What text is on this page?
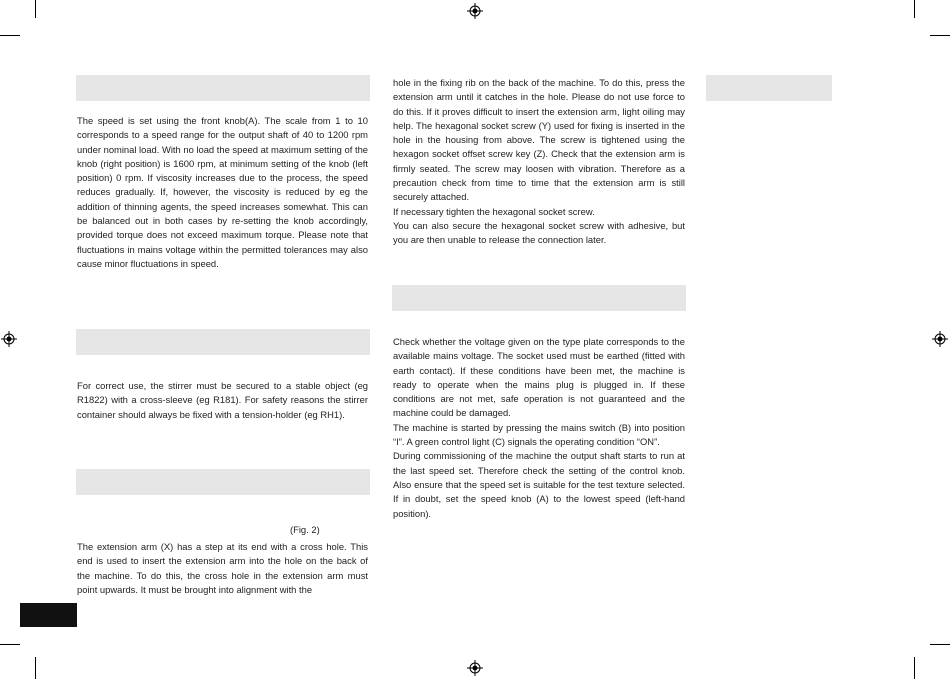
The speed is set using the front knob(A). The scale from 1 to 10 corresponds to a speed range for the output shaft of 40 to 1200 rpm under nominal load. With no load the speed at maximum setting of the knob (right position) is 1600 rpm, at minimum setting of the knob (left position) 0 rpm. If viscosity increases due to the process, the speed reduces gradually. If, however, the viscosity is reduced by eg the addition of thinning agents, the speed increases somewhat. This can be balanced out in both cases by re-setting the knob accordingly, provided torque does not exceed maximum torque. Please note that fluctuations in mains voltage within the permitted tolerances may also cause minor fluctuations in speed.
For correct use, the stirrer must be secured to a stable object (eg R1822) with a cross-sleeve (eg R181). For safety reasons the stirrer container should always be fixed with a tension-holder (eg RH1).
(Fig. 2)
The extension arm (X) has a step at its end with a cross hole. This end is used to insert the extension arm into the hole on the back of the machine. To do this, the cross hole in the extension arm must point upwards. It must be brought into alignment with the

hole in the fixing rib on the back of the machine. To do this, press the extension arm until it catches in the hole. Please do not use force to do this. If it proves difficult to insert the extension arm, light oiling may help. The hexagonal socket screw (Y) used for fixing is inserted in the hole in the housing from above. The screw is tightened using the hexagon socket offset screw key (Z). Check that the extension arm is firmly seated. The screw may loosen with vibration. Therefore as a precaution check from time to time that the extension arm is still securely attached.

If necessary tighten the hexagonal socket screw.

You can also secure the hexagonal socket screw with adhesive, but you are then unable to release the connection later.

Check whether the voltage given on the type plate corresponds to the available mains voltage. The socket used must be earthed (fitted with earth contact). If these conditions have been met, the machine is ready to operate when the mains plug is plugged in. If these conditions are not met, safe operation is not guaranteed and the machine could be damaged.

The machine is started by pressing the mains switch (B) into position “I”. A green control light (C) signals the operating condition “ON”.

During commissioning of the machine the output shaft starts to run at the last speed set. Therefore check the setting of the control knob. Also ensure that the speed set is suitable for the test texture selected. If in doubt, set the speed knob (A) to the lowest speed (left-hand position).
